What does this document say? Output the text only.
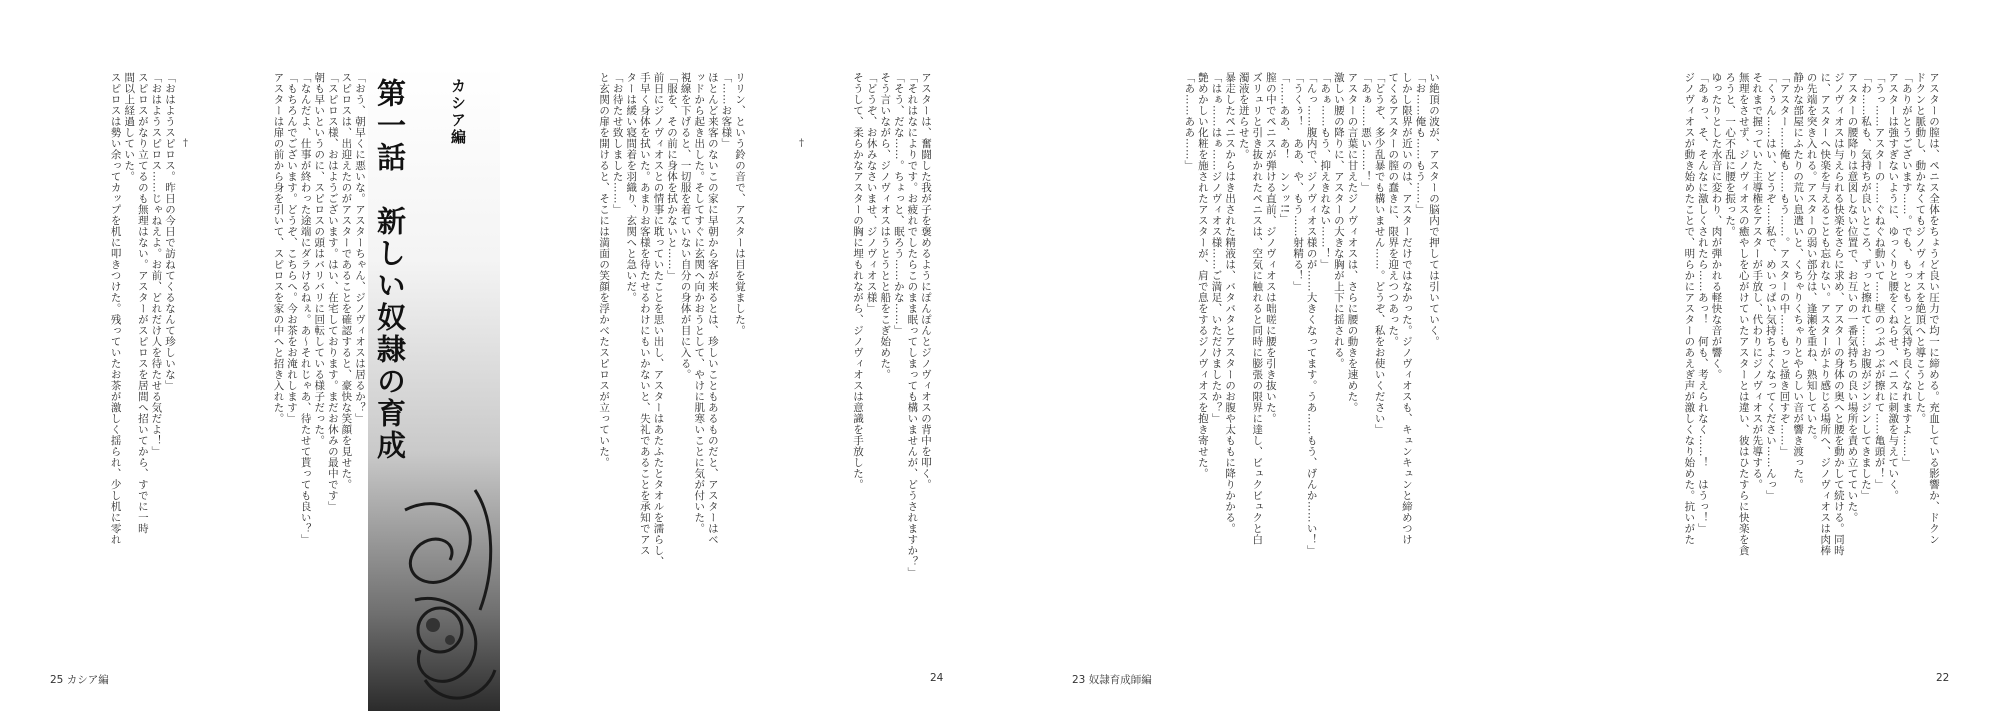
「おう、朝早くに悪いな。アスターちゃん、ジノヴィオスは居るか？」
スピロスは、出迎えたのがアスターであることを確認すると、豪快な笑顔を見せた。
「スピロス様、おはようございます。はい、在宅しております。まだお休みの最中です」
朝も早いというのに、スピロスの頭はバリバリに回転している様子だった。
「なんだよ、仕事が終わった途端にダラけるねぇ。あ〜それじゃあ、待たせて貰っても良い？」
「もちろんでございます。どうぞ、こちらへ。今お茶をお淹れします」
アスターは扉の前から身を引いて、スピロスを家の中へと招き入れた。
†
「おはようスピロス。昨日の今日で訪ねてくるなんて珍しいな」
「おはようスピロス……じゃねえよ。お前、どれだけ人を待たせる気だよ！」
スピロスがなり立てるのも無理はない。アスターがスピロスを居間へ招いてから、すでに一時
間以上経過していた。
スピロスは勢い余ってカップを机に叩きつけた。残っていたお茶が激しく揺られ、少し机に零れ
25 カシア編
カシア編
第一話　新しい奴隷の育成	アスターは、奮闘した我が子を褒めるようにぽんぽんとジノヴィオスの背中を叩く。
「それはなによりです。お疲れでしたらこのまま眠ってしまっても構いませんが、どうされますか？」
「そう、だな……。ちょっと、眠ろう……かな……」
そう言いながら、ジノヴィオスはうとうとと船をこぎ始めた。
「どうぞ、お休みなさいませ、ジノヴィオス様」
そうして、柔らかなアスターの胸に埋もれながら、ジノヴィオスは意識を手放した。
†
リリン、という鈴の音で、アスターは目を覚ました。
「……お客様」
ほとんど来客のないこの家に早朝から客が来るとは、珍しいこともあるものだと、アスターはベ
ッドから起き出した。そしてすぐに玄関へ向かおうとして、やけに肌寒いことに気が付いた。
視線を下げると、一切服を着ていない自分の身体が目に入る。
「服を、その前に身体を拭かないと……」
前日にジノヴィオスとの情事に耽っていたことを思い出し、アスターはあたふたとタオルを濡らし、
手早く身体を拭いた。あまりお客様を待たせるわけにもいかないと、失礼であることを承知でアス
ターは緩い寝間着を羽織り、玄関へと急いだ。
「お待たせ致しました……」
と玄関の扉を開けると、そこには満面の笑顔を浮かべたスピロスが立っていた。
24
い絶頂の波が、アスターの脳内で押しては引いていく。
「お……俺も……もう……」
しかし限界が近いのは、アスターだけではなかった。ジノヴィオスも、キュンキュンと締めつけ
てくるアスターの膣の蠢きに、限界を迎えつつあった。
「どうぞ、多少乱暴でも構いません……。どうぞ、私をお使いください」
「あぁ……悪い……！」
アスターの言葉に甘えたジノヴィオスは、さらに腰の動きを速めた。
激しい腰の降りに、アスターの大きな胸が上下に揺される。
「あぁ……もう、抑えきれない……！」
「んっ……腹内で、ジノヴィオス様のが……大きくなってます。うあ……もう、げんか……い！」
「うくぅ！　ああ、や、もう……射精る！」
「……ああ、あ！　ンンッ!!」
膣の中でペニスが弾ける直前、ジノヴィオスは咄嗟に腰を引き抜いた。
ズリュリと引き抜かれたペニスは、空気に触れると同時に膨張の限界に達し、ビュクビュクと白
濁液を迸らせた。
暴走したペニスからはき出された精液は、バタバタとアスターのお腹や太ももに降りかかる。
「はぁ……はぁ……ジノヴィオス様……ご満足、いただけましたか？」
艶めかしい化粧を施されたアスターが、肩で息をするジノヴィオスを抱き寄せた。
「あ……ああ……」
23 奴隷育成師編
アスターの膣は、ペニス全体をちょうど良い圧力で均一に締める。充血している影響か、ドクン
ドクンと脈動し、動かなくてもジノヴィオスを絶頂へと導こうとした。
「ありがとうございます……。でも、もっともっと気持ち良くなれますよ……」
アスターは強すぎないように、ゆっくりと腰をくねらせ、ペニスに刺激を与えていく。
「うっ……アスターの……ぐねぐね動いて……壁のつぶつぶが擦れて……亀頭が！」
「わ……私も、気持ちが良いところ、ずっと擦れて……お腹がジンジンしてきました」
アスターの腰降りは意図しない位置で、お互いの一番気持ちの良い場所を責め立てていた。
ジノヴィオスは与えられる快楽をさらに求め、アスターの身体の奥へと腰を動かして続ける。同時
に、アスターへ快楽を与えることも忘れない。アスターがより感じる場所へ、ジノヴィオスは肉棒
の先端を突き入れる。アスターの弱い部分は、逢瀬を重ね、熟知していた。
静かな部屋にふたりの荒い息遣いと、くちゃりくちゃりとやらしい音が響き渡った。
「アスター……俺も……もう……。アスターの中……もっと掻き回すぞ……」
「くぅん……はい、どうぞ……私で、めいっぱい気持ちよくなってください……んっ」
それまで握っていた主導権をアスターが手放し、代わりにジノヴィオスが先導する。
無理をさせず、ジノヴィオスの癒やしを心がけていたアスターとは違い、彼はひたすらに快楽を貪
ろうと、一心不乱に腰を振った。
ゆったりとした水音に変わり、肉が弾かれる軽快な音が響く。
「あぁっ、そ、そんなに激しくされたら……あっ！　何も、考えられなく……！　はうっ！」
ジノヴィオスが動き始めたことで、明らかにアスターのあえぎ声が激しくなり始めた。抗いがた
22
